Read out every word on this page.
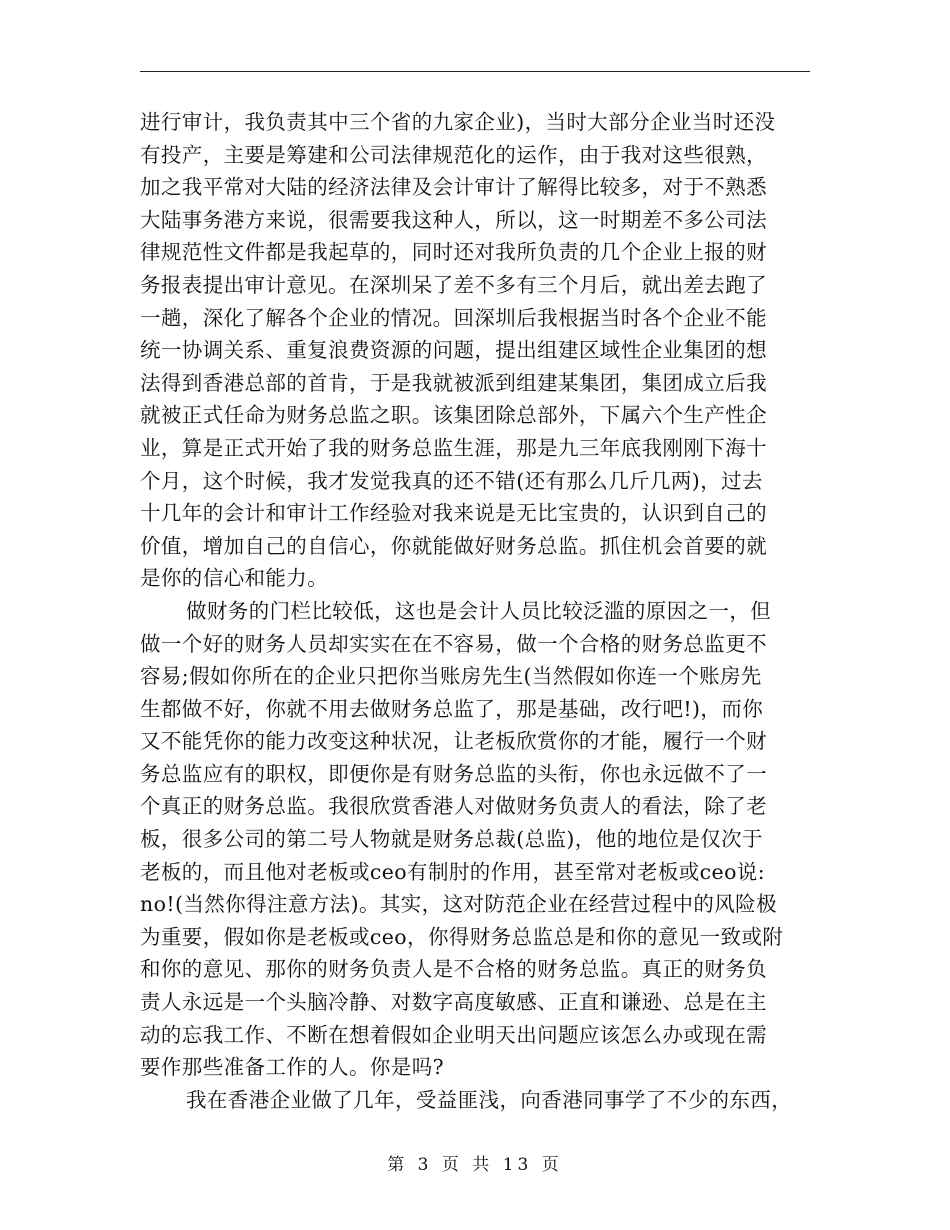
进行审计，我负责其中三个省的九家企业)，当时大部分企业当时还没
有投产，主要是筹建和公司法律规范化的运作，由于我对这些很熟，
加之我平常对大陆的经济法律及会计审计了解得比较多，对于不熟悉
大陆事务港方来说，很需要我这种人，所以，这一时期差不多公司法
律规范性文件都是我起草的，同时还对我所负责的几个企业上报的财
务报表提出审计意见。在深圳呆了差不多有三个月后，就出差去跑了
一趟，深化了解各个企业的情况。回深圳后我根据当时各个企业不能
统一协调关系、重复浪费资源的问题，提出组建区域性企业集团的想
法得到香港总部的首肯，于是我就被派到组建某集团，集团成立后我
就被正式任命为财务总监之职。该集团除总部外，下属六个生产性企
业，算是正式开始了我的财务总监生涯，那是九三年底我刚刚下海十
个月，这个时候，我才发觉我真的还不错(还有那么几斤几两)，过去
十几年的会计和审计工作经验对我来说是无比宝贵的，认识到自己的
价值，增加自己的自信心，你就能做好财务总监。抓住机会首要的就
是你的信心和能力。
做财务的门栏比较低，这也是会计人员比较泛滥的原因之一，但
做一个好的财务人员却实实在在不容易，做一个合格的财务总监更不
容易;假如你所在的企业只把你当账房先生(当然假如你连一个账房先
生都做不好，你就不用去做财务总监了，那是基础，改行吧!)，而你
又不能凭你的能力改变这种状况，让老板欣赏你的才能，履行一个财
务总监应有的职权，即便你是有财务总监的头衔，你也永远做不了一
个真正的财务总监。我很欣赏香港人对做财务负责人的看法，除了老
板，很多公司的第二号人物就是财务总裁(总监)，他的地位是仅次于
老板的，而且他对老板或ceo有制肘的作用，甚至常对老板或ceo说:
no!(当然你得注意方法)。其实，这对防范企业在经营过程中的风险极
为重要，假如你是老板或ceo，你得财务总监总是和你的意见一致或附
和你的意见、那你的财务负责人是不合格的财务总监。真正的财务负
责人永远是一个头脑冷静、对数字高度敏感、正直和谦逊、总是在主
动的忘我工作、不断在想着假如企业明天出问题应该怎么办或现在需
要作那些准备工作的人。你是吗?
我在香港企业做了几年，受益匪浅，向香港同事学了不少的东西，
第 3 页 共 13 页
